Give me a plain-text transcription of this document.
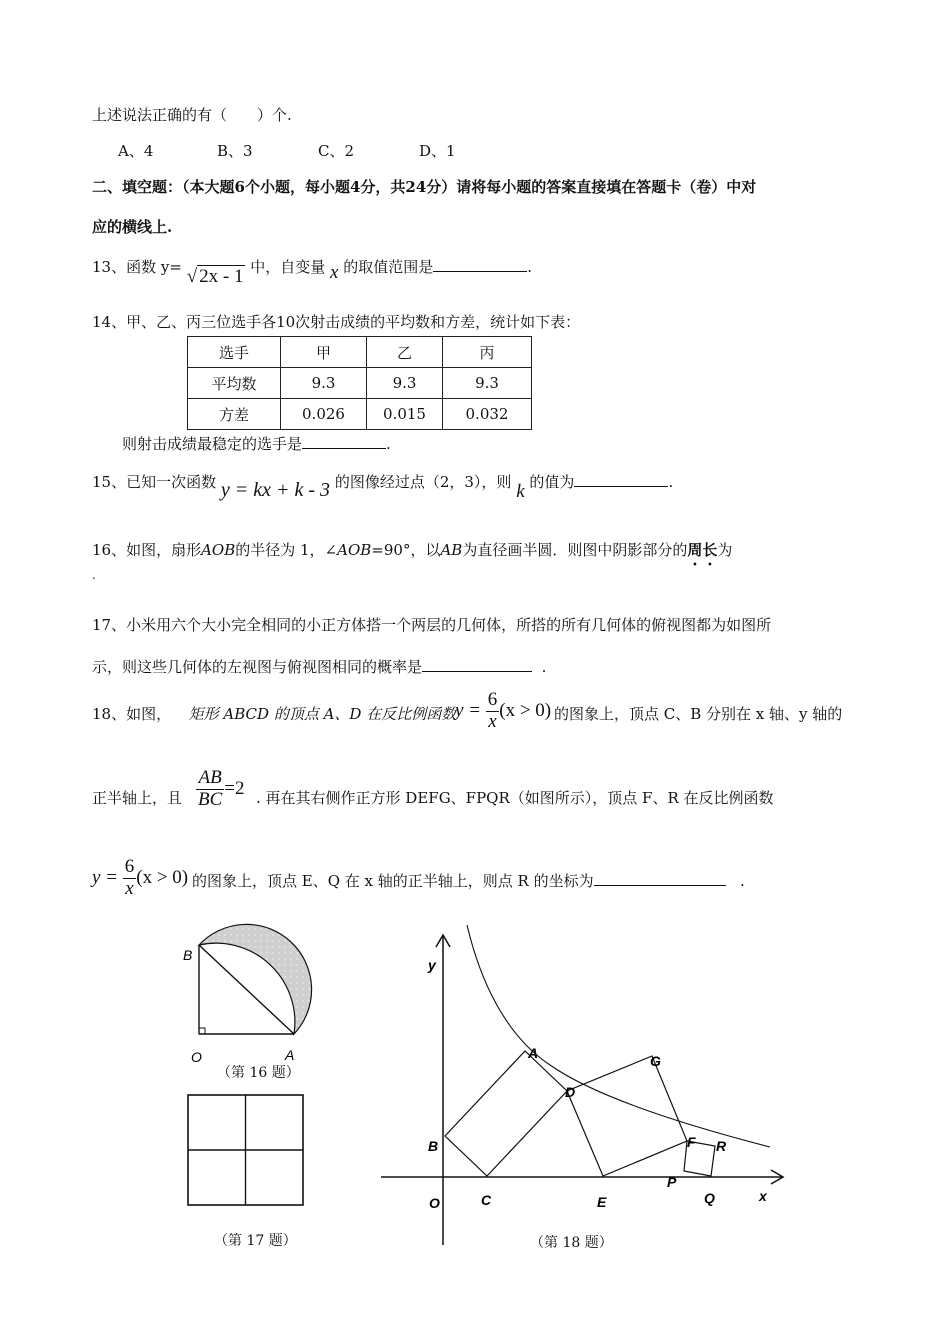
上述说法正确的有（　　）个.
A、4	B、3	C、2	D、1
二、填空题：（本大题6个小题，每小题4分，共24分）请将每小题的答案直接填在答题卡（卷）中对
应的横线上.
13、函数 y= √ 2x - 1 中，自变量 x 的取值范围是	.
14、甲、乙、丙三位选手各10次射击成绩的平均数和方差，统计如下表：
选手	甲	乙	丙
平均数	9.3	9.3	9.3
方差	0.026	0.015	0.032
则射击成绩最稳定的选手是	.
15、已知一次函数 y = kx + k - 3 的图像经过点（2，3），则 k 的值为	.
16、如图，扇形AOB的半径为 1，∠AOB=90°，以AB为直径画半圆．则图中阴影部分的周长为
.
17、小米用六个大小完全相同的小正方体搭一个两层的几何体，所搭的所有几何体的俯视图都为如图所
示，则这些几何体的左视图与俯视图相同的概率是	.
18、如图， 矩形 ABCD 的顶点 A、D 在反比例函数
$y = \frac{6}{x} (x > 0)$ 的图象上，顶点 C、B 分别在 x 轴、y 轴的
正半轴上，且 $\frac{AB}{BC} =2$ . 再在其右侧作正方形 DEFG、FPQR（如图所示），顶点 F、R 在反比例函数
$y = \frac{6}{x} (x > 0)$ 的图象上，顶点 E、Q 在 x 轴的正半轴上，则点 R 的坐标为	.
B
O	A
（第 16 题）
（第 17 题）
y
x
O
A
B
C
D
E
F
G
P
Q
R
（第 18 题）
